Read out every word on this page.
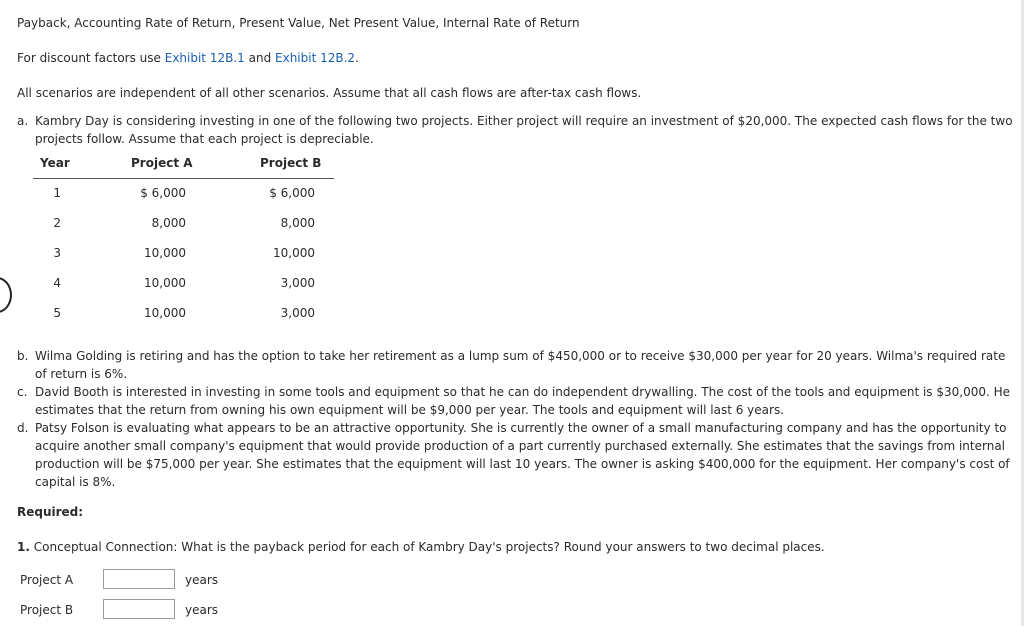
Payback, Accounting Rate of Return, Present Value, Net Present Value, Internal Rate of Return
For discount factors use Exhibit 12B.1 and Exhibit 12B.2.
All scenarios are independent of all other scenarios. Assume that all cash flows are after-tax cash flows.
a. Kambry Day is considering investing in one of the following two projects. Either project will require an investment of $20,000. The expected cash flows for the two projects follow. Assume that each project is depreciable.
Year	Project A	Project B
1	$ 6,000	$ 6,000
2	8,000	8,000
3	10,000	10,000
4	10,000	3,000
5	10,000	3,000
b. Wilma Golding is retiring and has the option to take her retirement as a lump sum of $450,000 or to receive $30,000 per year for 20 years. Wilma's required rate of return is 6%.
c. David Booth is interested in investing in some tools and equipment so that he can do independent drywalling. The cost of the tools and equipment is $30,000. He estimates that the return from owning his own equipment will be $9,000 per year. The tools and equipment will last 6 years.
d. Patsy Folson is evaluating what appears to be an attractive opportunity. She is currently the owner of a small manufacturing company and has the opportunity to acquire another small company's equipment that would provide production of a part currently purchased externally. She estimates that the savings from internal production will be $75,000 per year. She estimates that the equipment will last 10 years. The owner is asking $400,000 for the equipment. Her company's cost of capital is 8%.
Required:
1. Conceptual Connection: What is the payback period for each of Kambry Day's projects? Round your answers to two decimal places.
Project A	years
Project B	years
